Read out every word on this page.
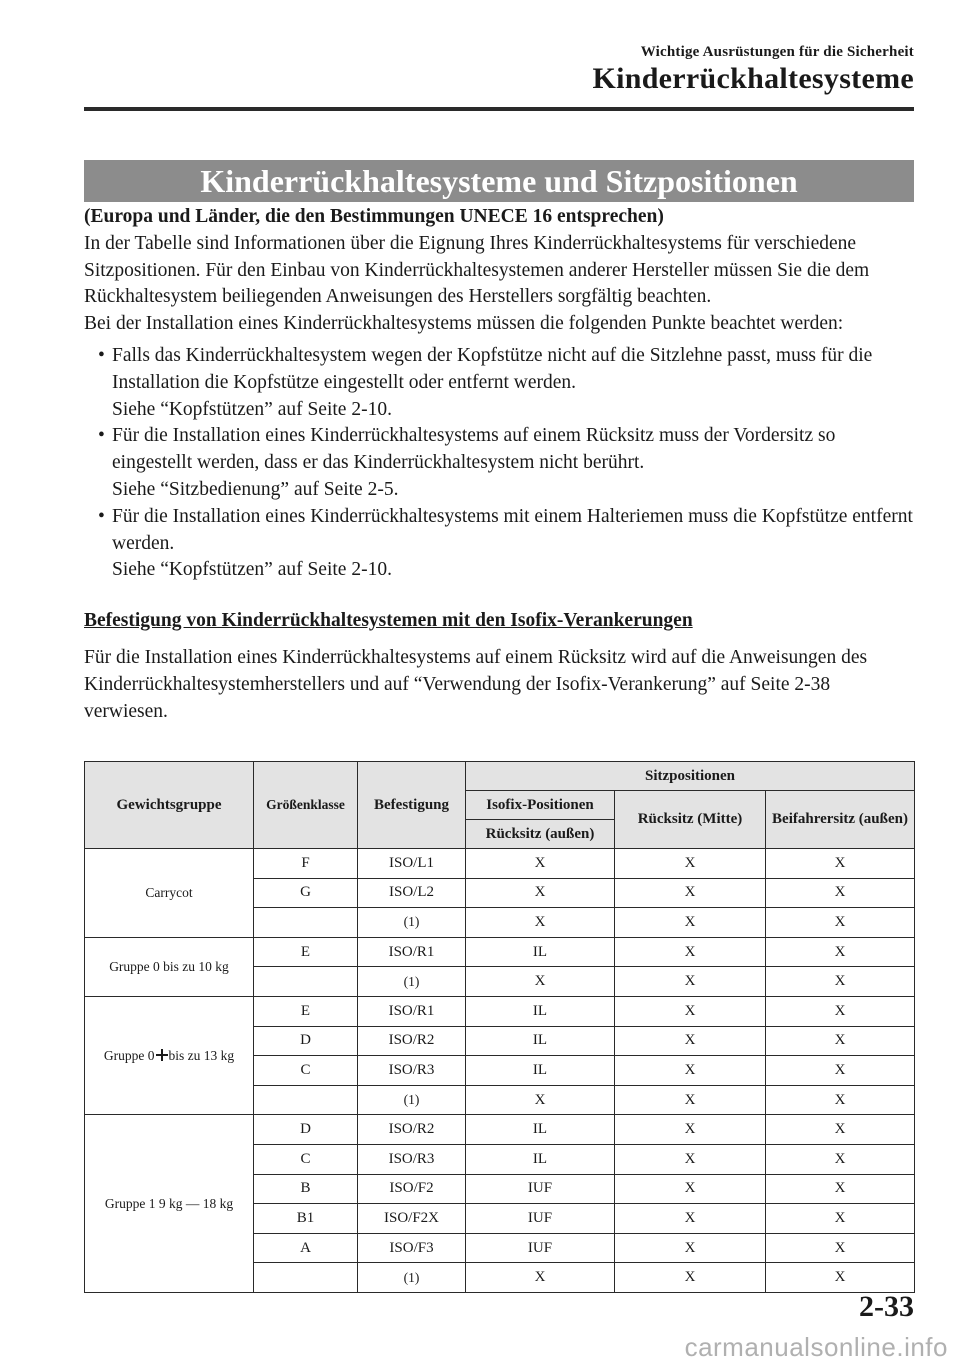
Wichtige Ausrüstungen für die Sicherheit
Kinderrückhaltesysteme
Kinderrückhaltesysteme und Sitzpositionen

(Europa und Länder, die den Bestimmungen UNECE 16 entsprechen)

In der Tabelle sind Informationen über die Eignung Ihres Kinderrückhaltesystems für verschiedene Sitzpositionen. Für den Einbau von Kinderrückhaltesystemen anderer Hersteller müssen Sie die dem Rückhaltesystem beiliegenden Anweisungen des Herstellers sorgfältig beachten.

Bei der Installation eines Kinderrückhaltesystems müssen die folgenden Punkte beachtet werden:

• Falls das Kinderrückhaltesystem wegen der Kopfstütze nicht auf die Sitzlehne passt, muss für die Installation die Kopfstütze eingestellt oder entfernt werden.
Siehe “Kopfstützen” auf Seite 2-10.
• Für die Installation eines Kinderrückhaltesystems auf einem Rücksitz muss der Vordersitz so eingestellt werden, dass er das Kinderrückhaltesystem nicht berührt.
Siehe “Sitzbedienung” auf Seite 2-5.
• Für die Installation eines Kinderrückhaltesystems mit einem Halteriemen muss die Kopfstütze entfernt werden.
Siehe “Kopfstützen” auf Seite 2-10.

Befestigung von Kinderrückhaltesystemen mit den Isofix-Verankerungen

Für die Installation eines Kinderrückhaltesystems auf einem Rücksitz wird auf die Anweisungen des Kinderrückhaltesystemherstellers und auf “Verwendung der Isofix-Verankerung” auf Seite 2-38 verwiesen.

Gewichtsgruppe	Größenklasse	Befestigung	Sitzpositionen		
			Isofix-Positionen	Rücksitz (Mitte)	Beifahrersitz (außen)
			Rücksitz (außen)		
Carrycot	F	ISO/L1	X	X	X
	G	ISO/L2	X	X	X
		(1)	X	X	X
Gruppe 0 bis zu 10 kg	E	ISO/R1	IL	X	X
		(1)	X	X	X
Gruppe 0 bis zu 13 kg	E	ISO/R1	IL	X	X
	D	ISO/R2	IL	X	X
	C	ISO/R3	IL	X	X
		(1)	X	X	X
Gruppe 1 9 kg — 18 kg	D	ISO/R2	IL	X	X
	C	ISO/R3	IL	X	X
	B	ISO/F2	IUF	X	X
	B1	ISO/F2X	IUF	X	X
	A	ISO/F3	IUF	X	X
		(1)	X	X	X
2-33
carmanualsonline.info
